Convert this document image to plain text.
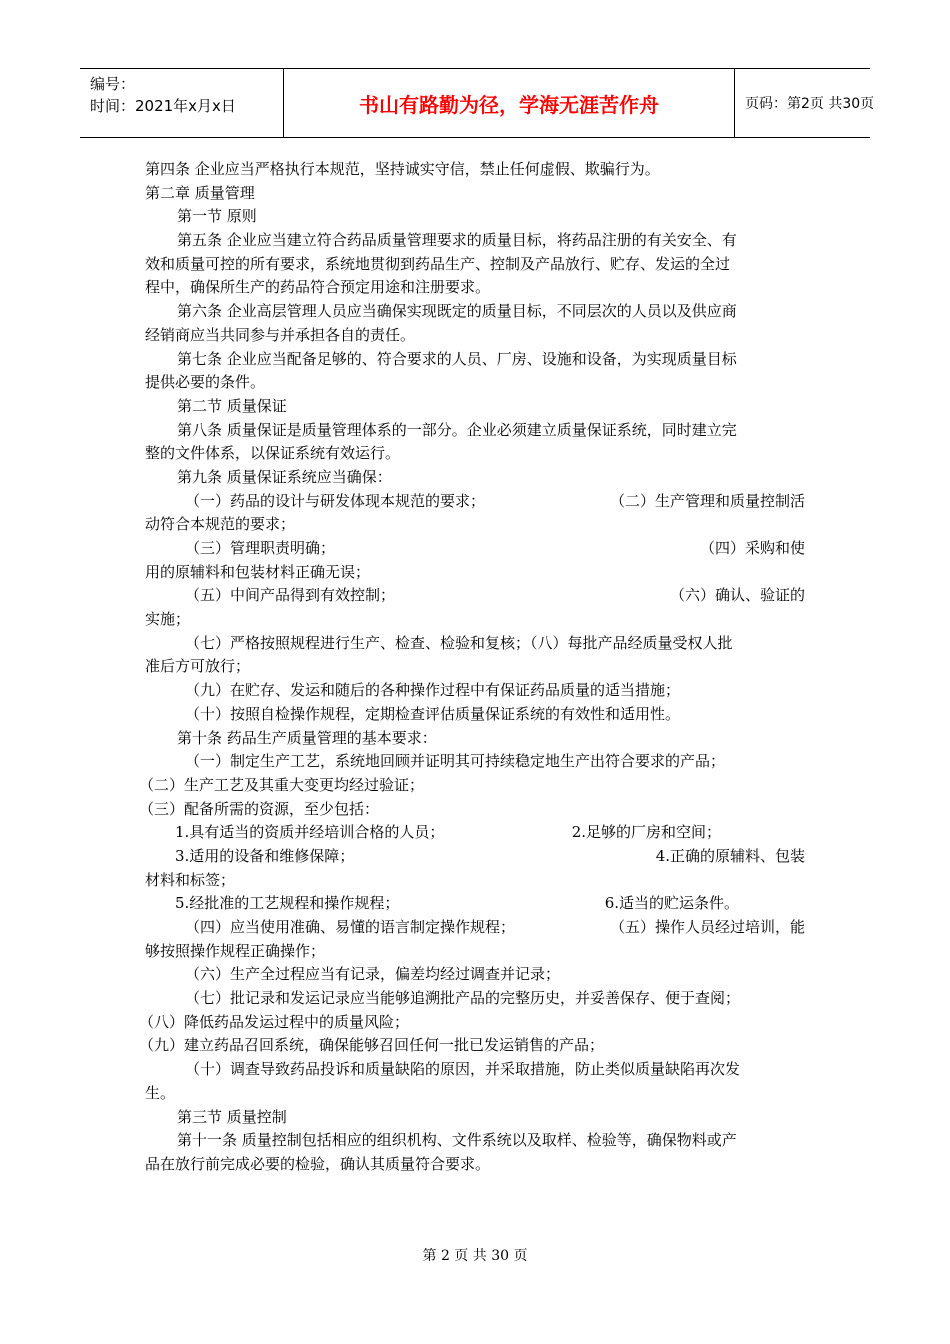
编号：
时间：2021年x月x日	书山有路勤为径，学海无涯苦作舟	页码：第2页 共30页
第四条 企业应当严格执行本规范，坚持诚实守信，禁止任何虚假、欺骗行为。
第二章 质量管理
第一节 原则
第五条 企业应当建立符合药品质量管理要求的质量目标，将药品注册的有关安全、有
效和质量可控的所有要求，系统地贯彻到药品生产、控制及产品放行、贮存、发运的全过
程中，确保所生产的药品符合预定用途和注册要求。
第六条 企业高层管理人员应当确保实现既定的质量目标，不同层次的人员以及供应商
经销商应当共同参与并承担各自的责任。
第七条 企业应当配备足够的、符合要求的人员、厂房、设施和设备，为实现质量目标
提供必要的条件。
第二节 质量保证
第八条 质量保证是质量管理体系的一部分。企业必须建立质量保证系统，同时建立完
整的文件体系，以保证系统有效运行。
第九条 质量保证系统应当确保：
（一）药品的设计与研发体现本规范的要求；	（二）生产管理和质量控制活
动符合本规范的要求；
（三）管理职责明确；	（四）采购和使
用的原辅料和包装材料正确无误；
（五）中间产品得到有效控制；	（六）确认、验证的
实施；
（七）严格按照规程进行生产、检查、检验和复核；（八）每批产品经质量受权人批
准后方可放行；
（九）在贮存、发运和随后的各种操作过程中有保证药品质量的适当措施；
（十）按照自检操作规程，定期检查评估质量保证系统的有效性和适用性。
第十条 药品生产质量管理的基本要求：
（一）制定生产工艺，系统地回顾并证明其可持续稳定地生产出符合要求的产品；
（二）生产工艺及其重大变更均经过验证；
（三）配备所需的资源，至少包括：
1.具有适当的资质并经培训合格的人员；	2.足够的厂房和空间；
3.适用的设备和维修保障；	4.正确的原辅料、包装
材料和标签；
5.经批准的工艺规程和操作规程；	6.适当的贮运条件。
（四）应当使用准确、易懂的语言制定操作规程；	（五）操作人员经过培训，能
够按照操作规程正确操作；
（六）生产全过程应当有记录，偏差均经过调查并记录；
（七）批记录和发运记录应当能够追溯批产品的完整历史，并妥善保存、便于查阅；
（八）降低药品发运过程中的质量风险；
（九）建立药品召回系统，确保能够召回任何一批已发运销售的产品；
（十）调查导致药品投诉和质量缺陷的原因，并采取措施，防止类似质量缺陷再次发
生。
第三节 质量控制
第十一条 质量控制包括相应的组织机构、文件系统以及取样、检验等，确保物料或产
品在放行前完成必要的检验，确认其质量符合要求。
第 2 页 共 30 页
